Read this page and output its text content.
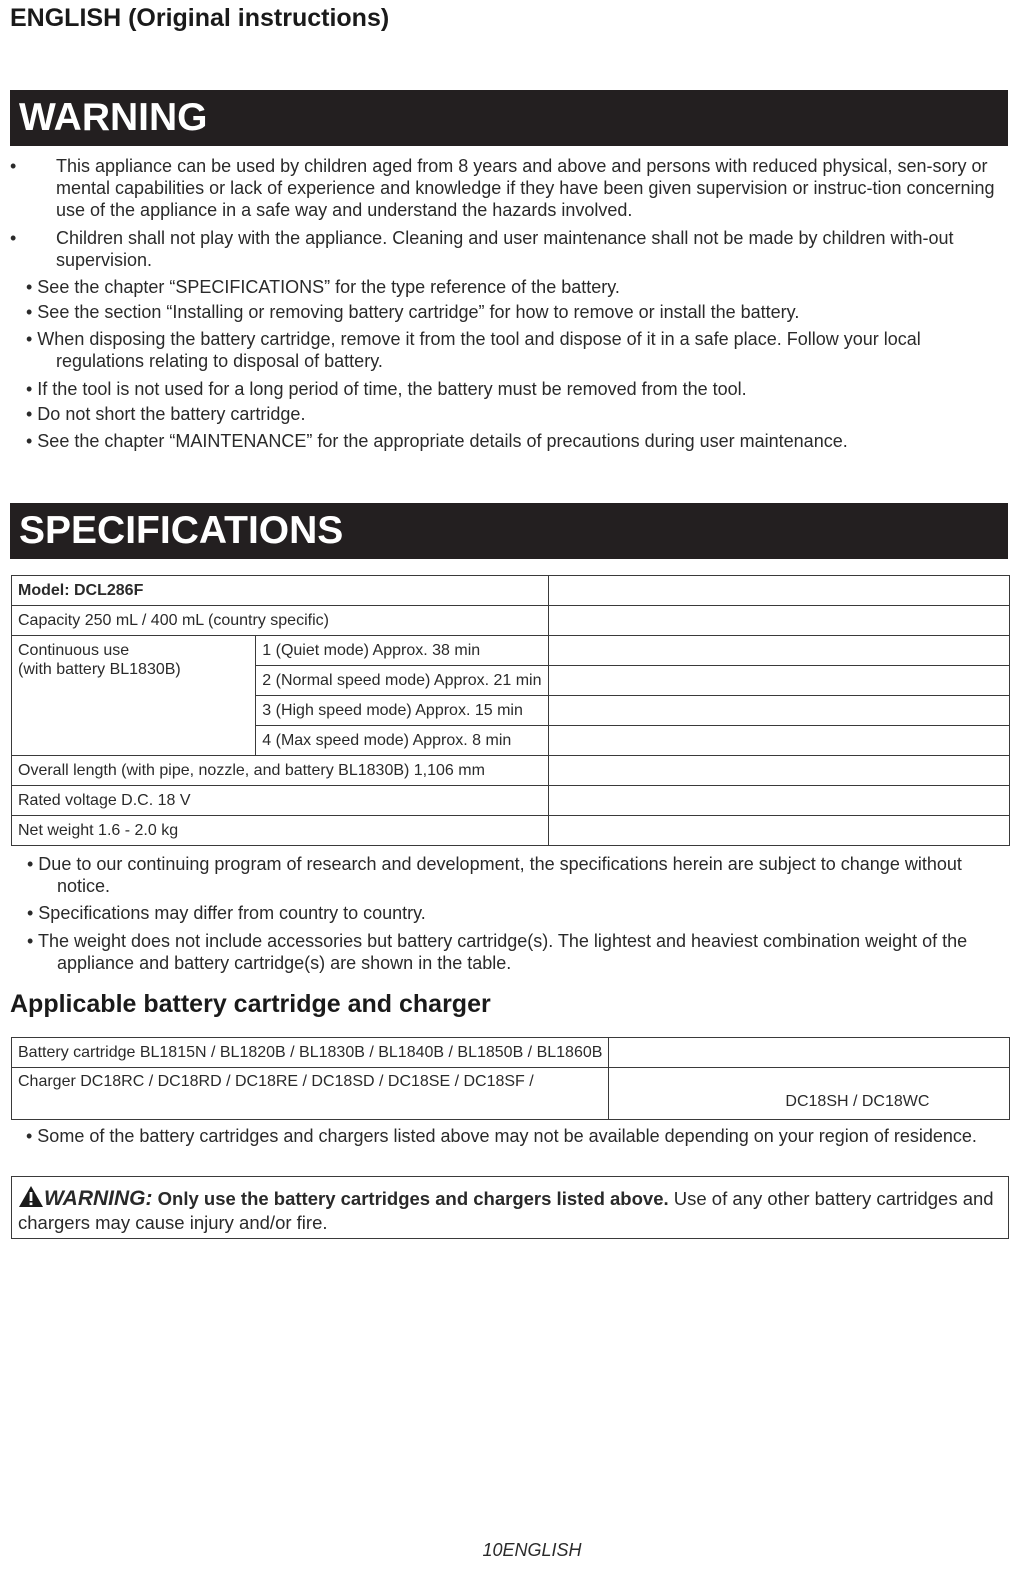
ENGLISH (Original instructions)
WARNING
•	This appliance can be used by children aged from 8 years and above and persons with reduced physical, sen-sory or mental capabilities or lack of experience and knowledge if they have been given supervision or instruc-tion concerning use of the appliance in a safe way and understand the hazards involved.
•	Children shall not play with the appliance. Cleaning and user maintenance shall not be made by children with-out supervision.
• See the chapter “SPECIFICATIONS” for the type reference of the battery.
• See the section “Installing or removing battery cartridge” for how to remove or install the battery.
• When disposing the battery cartridge, remove it from the tool and dispose of it in a safe place. Follow your local regulations relating to disposal of battery.
• If the tool is not used for a long period of time, the battery must be removed from the tool.
• Do not short the battery cartridge.
• See the chapter “MAINTENANCE” for the appropriate details of precautions during user maintenance.
SPECIFICATIONS
Model: DCL286F		
Capacity 250 mL / 400 mL (country specific)		

Continuous use
(with battery BL1830B)	1 (Quiet mode) Approx. 38 min	
	2 (Normal speed mode) Approx. 21 min	
	3 (High speed mode) Approx. 15 min	
	4 (Max speed mode) Approx. 8 min	
Overall length (with pipe, nozzle, and battery BL1830B) 1,106 mm		
Rated voltage D.C. 18 V		
Net weight 1.6 - 2.0 kg		
• Due to our continuing program of research and development, the specifications herein are subject to change without notice.
• Specifications may differ from country to country.
• The weight does not include accessories but battery cartridge(s). The lightest and heaviest combination weight of the appliance and battery cartridge(s) are shown in the table.
Applicable battery cartridge and charger
Battery cartridge BL1815N / BL1820B / BL1830B / BL1840B / BL1850B / BL1860B	
Charger DC18RC / DC18RD / DC18RE / DC18SD / DC18SE / DC18SF /	DC18SH / DC18WC
• Some of the battery cartridges and chargers listed above may not be available depending on your region of residence.
WARNING: Only use the battery cartridges and chargers listed above. Use of any other battery cartridges and chargers may cause injury and/or fire.
10ENGLISH
